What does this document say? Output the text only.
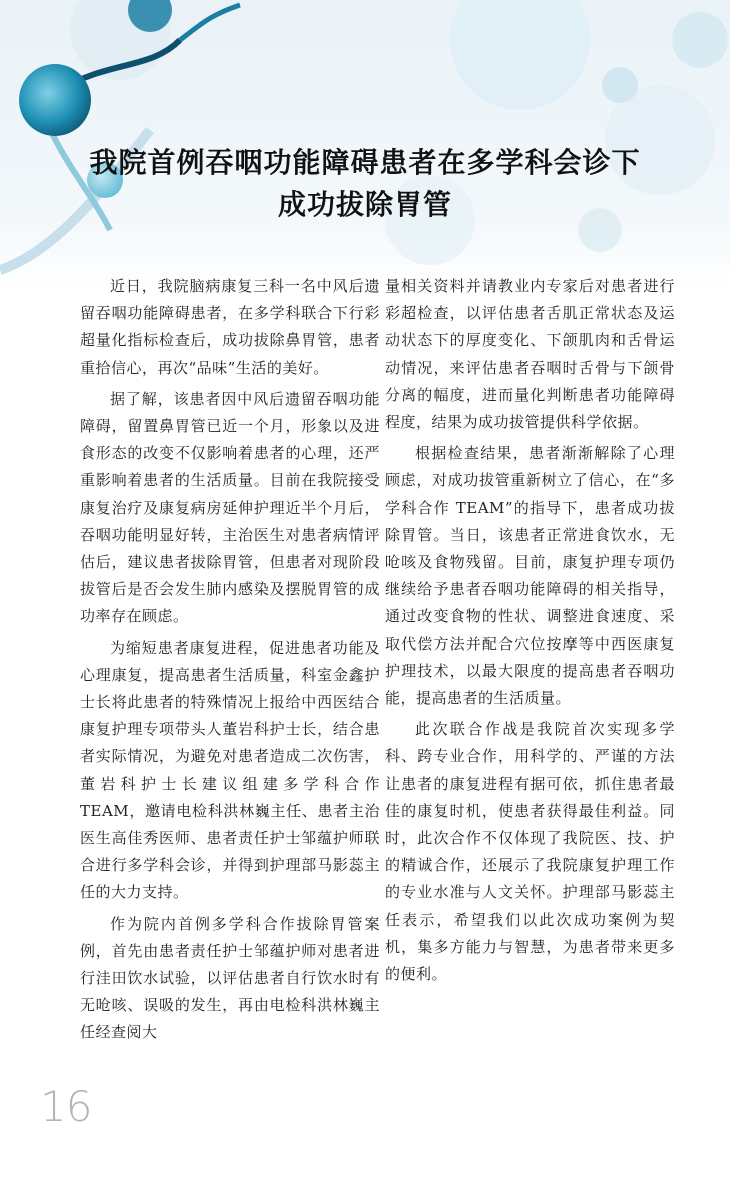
我院首例吞咽功能障碍患者在多学科会诊下
成功拔除胃管

近日，我院脑病康复三科一名中风后遗留吞咽功能障碍患者，在多学科联合下行彩超量化指标检查后，成功拔除鼻胃管，患者重拾信心，再次“品味”生活的美好。

据了解，该患者因中风后遗留吞咽功能障碍，留置鼻胃管已近一个月，形象以及进食形态的改变不仅影响着患者的心理，还严重影响着患者的生活质量。目前在我院接受康复治疗及康复病房延伸护理近半个月后，吞咽功能明显好转，主治医生对患者病情评估后，建议患者拔除胃管，但患者对现阶段拔管后是否会发生肺内感染及摆脱胃管的成功率存在顾虑。

为缩短患者康复进程，促进患者功能及心理康复，提高患者生活质量，科室金鑫护士长将此患者的特殊情况上报给中西医结合康复护理专项带头人董岩科护士长，结合患者实际情况，为避免对患者造成二次伤害，董岩科护士长建议组建多学科合作 TEAM，邀请电检科洪林巍主任、患者主治医生高佳秀医师、患者责任护士邹蕴护师联合进行多学科会诊，并得到护理部马影蕊主任的大力支持。

作为院内首例多学科合作拔除胃管案例，首先由患者责任护士邹蕴护师对患者进行洼田饮水试验，以评估患者自行饮水时有无呛咳、误吸的发生，再由电检科洪林巍主任经查阅大

量相关资料并请教业内专家后对患者进行彩超检查，以评估患者舌肌正常状态及运动状态下的厚度变化、下颌肌肉和舌骨运动情况，来评估患者吞咽时舌骨与下颌骨分离的幅度，进而量化判断患者功能障碍程度，结果为成功拔管提供科学依据。

根据检查结果，患者渐渐解除了心理顾虑，对成功拔管重新树立了信心，在“多学科合作 TEAM”的指导下，患者成功拔除胃管。当日，该患者正常进食饮水，无呛咳及食物残留。目前，康复护理专项仍继续给予患者吞咽功能障碍的相关指导，通过改变食物的性状、调整进食速度、采取代偿方法并配合穴位按摩等中西医康复护理技术，以最大限度的提高患者吞咽功能，提高患者的生活质量。

此次联合作战是我院首次实现多学科、跨专业合作，用科学的、严谨的方法让患者的康复进程有据可依，抓住患者最佳的康复时机，使患者获得最佳利益。同时，此次合作不仅体现了我院医、技、护的精诚合作，还展示了我院康复护理工作的专业水准与人文关怀。护理部马影蕊主任表示，希望我们以此次成功案例为契机，集多方能力与智慧，为患者带来更多的便利。

16
